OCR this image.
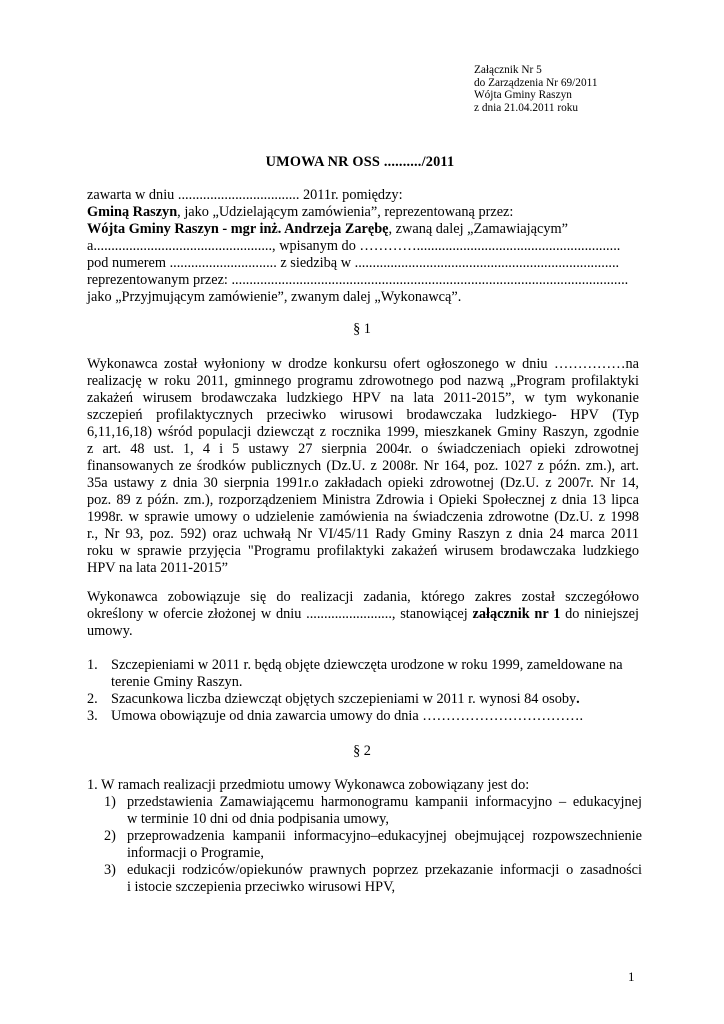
Załącznik Nr 5
do Zarządzenia Nr 69/2011
Wójta Gminy Raszyn
z dnia 21.04.2011 roku
UMOWA NR OSS ........../2011
zawarta w dniu .................................. 2011r. pomiędzy:
Gminą Raszyn, jako „Udzielającym zamówienia”, reprezentowaną przez:
Wójta Gminy Raszyn - mgr inż. Andrzeja Zarębę, zwaną dalej „Zamawiającym”
a.................................................., wpisanym do ………….........................................................
pod numerem .............................. z siedzibą w ..........................................................................
reprezentowanym przez: ...............................................................................................................
jako „Przyjmującym zamówienie”, zwanym dalej „Wykonawcą”.
§ 1
Wykonawca został wyłoniony w drodze konkursu ofert ogłoszonego w dniu ……………na
realizację w roku 2011, gminnego programu zdrowotnego pod nazwą „Program profilaktyki
zakażeń wirusem brodawczaka ludzkiego HPV na lata 2011-2015”, w tym wykonanie
szczepień profilaktycznych przeciwko wirusowi brodawczaka ludzkiego- HPV (Typ
6,11,16,18) wśród populacji dziewcząt z rocznika 1999, mieszkanek Gminy Raszyn, zgodnie
z art. 48 ust. 1, 4 i 5 ustawy 27 sierpnia 2004r. o świadczeniach opieki zdrowotnej
finansowanych ze środków publicznych (Dz.U. z 2008r. Nr 164, poz. 1027 z późn. zm.), art.
35a ustawy z dnia 30 sierpnia 1991r.o zakładach opieki zdrowotnej (Dz.U. z 2007r. Nr 14,
poz. 89 z późn. zm.), rozporządzeniem Ministra Zdrowia i Opieki Społecznej z dnia 13 lipca
1998r. w sprawie umowy o udzielenie zamówienia na świadczenia zdrowotne (Dz.U. z 1998
r., Nr 93, poz. 592) oraz uchwałą Nr VI/45/11 Rady Gminy Raszyn z dnia 24 marca 2011
roku w sprawie przyjęcia "Programu profilaktyki zakażeń wirusem brodawczaka ludzkiego
HPV na lata 2011-2015”
Wykonawca zobowiązuje się do realizacji zadania, którego zakres został szczegółowo
określony w ofercie złożonej w dniu ........................, stanowiącej załącznik nr 1 do niniejszej
umowy.
1. Szczepieniami w 2011 r. będą objęte dziewczęta urodzone w roku 1999, zameldowane na
terenie Gminy Raszyn.
2. Szacunkowa liczba dziewcząt objętych szczepieniami w 2011 r. wynosi 84 osoby.
3. Umowa obowiązuje od dnia zawarcia umowy do dnia …………………………….
§ 2
1. W ramach realizacji przedmiotu umowy Wykonawca zobowiązany jest do:
1) przedstawienia Zamawiającemu harmonogramu kampanii informacyjno – edukacyjnej
w terminie 10 dni od dnia podpisania umowy,
2) przeprowadzenia kampanii informacyjno–edukacyjnej obejmującej rozpowszechnienie
informacji o Programie,
3) edukacji rodziców/opiekunów prawnych poprzez przekazanie informacji o zasadności
i istocie szczepienia przeciwko wirusowi HPV,
1
